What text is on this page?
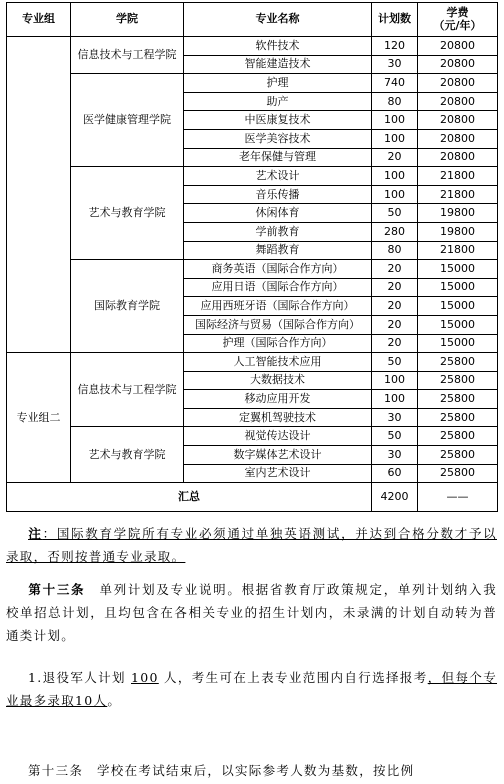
专业组	学院	专业名称	计划数	学费
（元/年）

	信息技术与工程学院	软件技术	120	20800
		智能建造技术	30	20800
	医学健康管理学院	护理	740	20800
		助产	80	20800
		中医康复技术	100	20800
		医学美容技术	100	20800
		老年保健与管理	20	20800
	艺术与教育学院	艺术设计	100	21800
		音乐传播	100	21800
		休闲体育	50	19800
		学前教育	280	19800
		舞蹈教育	80	21800
	国际教育学院	商务英语（国际合作方向）	20	15000
		应用日语（国际合作方向）	20	15000
		应用西班牙语（国际合作方向）	20	15000
		国际经济与贸易（国际合作方向）	20	15000
		护理（国际合作方向）	20	15000
专业组二	信息技术与工程学院	人工智能技术应用	50	25800
		大数据技术	100	25800
		移动应用开发	100	25800
		定翼机驾驶技术	30	25800
	艺术与教育学院	视觉传达设计	50	25800
		数字媒体艺术设计	30	25800
		室内艺术设计	60	25800
汇总			4200	——

注：国际教育学院所有专业必须通过单独英语测试，并达到合格分数才予以录取，否则按普通专业录取。

第十三条　单列计划及专业说明。根据省教育厅政策规定，单列计划纳入我校单招总计划，且均包含在各相关专业的招生计划内，未录满的计划自动转为普通类计划。

1.退役军人计划 100 人，考生可在上表专业范围内自行选择报考，但每个专业最多录取10人。

第十三条　学校在考试结束后，以实际参考人数为基数，按比例
